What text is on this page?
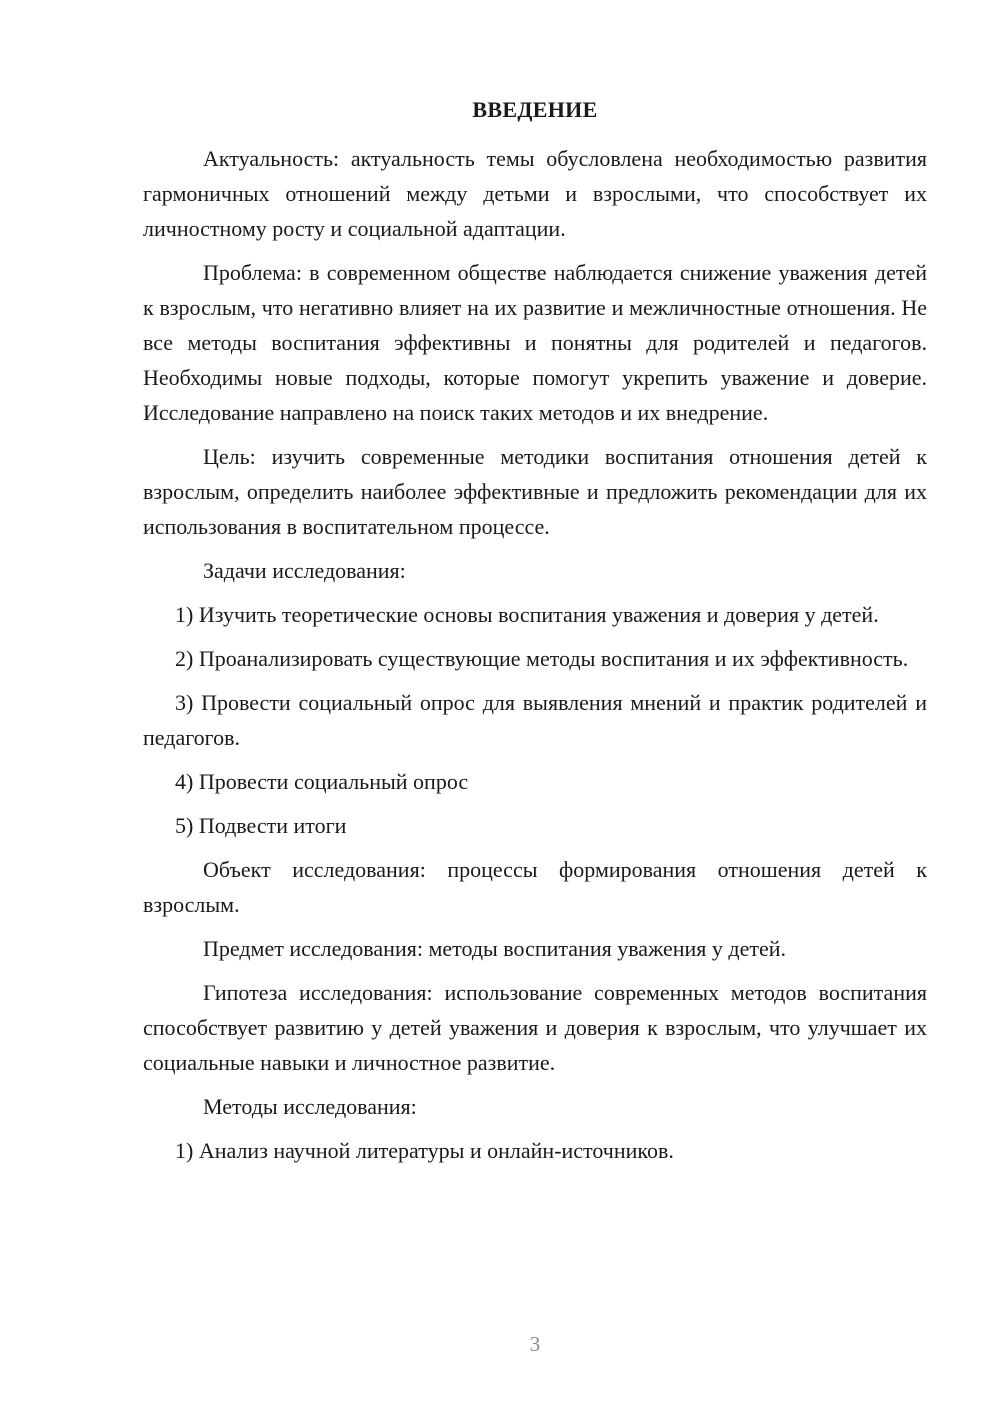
ВВЕДЕНИЕ

Актуальность: актуальность темы обусловлена необходимостью развития гармоничных отношений между детьми и взрослыми, что способствует их личностному росту и социальной адаптации.

Проблема: в современном обществе наблюдается снижение уважения детей к взрослым, что негативно влияет на их развитие и межличностные отношения. Не все методы воспитания эффективны и понятны для родителей и педагогов. Необходимы новые подходы, которые помогут укрепить уважение и доверие. Исследование направлено на поиск таких методов и их внедрение.

Цель: изучить современные методики воспитания отношения детей к взрослым, определить наиболее эффективные и предложить рекомендации для их использования в воспитательном процессе.

Задачи исследования:

1) Изучить теоретические основы воспитания уважения и доверия у детей.

2) Проанализировать существующие методы воспитания и их эффективность.

3) Провести социальный опрос для выявления мнений и практик родителей и педагогов.

4) Провести социальный опрос

5) Подвести итоги

Объект исследования: процессы формирования отношения детей к взрослым.

Предмет исследования: методы воспитания уважения у детей.

Гипотеза исследования: использование современных методов воспитания способствует развитию у детей уважения и доверия к взрослым, что улучшает их социальные навыки и личностное развитие.

Методы исследования:

1) Анализ научной литературы и онлайн-источников.

3
